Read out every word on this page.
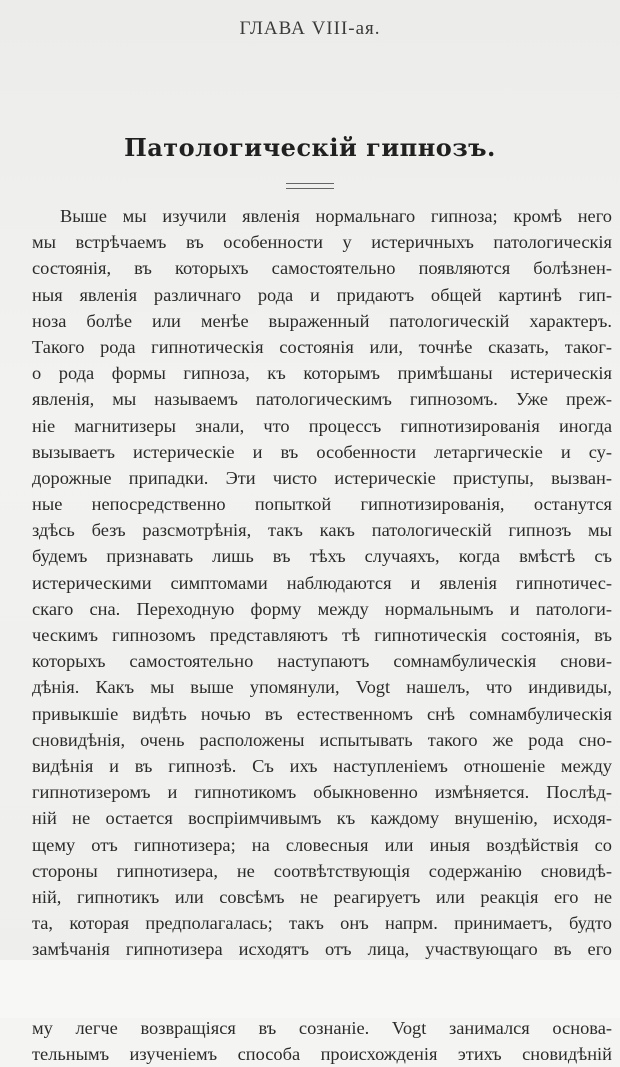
ГЛАВА VIII-ая.
Патологическій гипнозъ.
Выше мы изучили явленія нормальнаго гипноза; кромѣ него
мы встрѣчаемъ въ особенности у истеричныхъ патологическія
состоянія, въ которыхъ самостоятельно появляются болѣзнен-
ныя явленія различнаго рода и придаютъ общей картинѣ гип-
ноза болѣе или менѣе выраженный патологическій характеръ.
Такого рода гипнотическія состоянія или, точнѣе сказать, таког-
о рода формы гипноза, къ которымъ примѣшаны истерическія
явленія, мы называемъ патологическимъ гипнозомъ. Уже преж-
ніе магнитизеры знали, что процессъ гипнотизированія иногда
вызываетъ истерическіе и въ особенности летаргическіе и су-
дорожные припадки. Эти чисто истерическіе приступы, вызван-
ные непосредственно попыткой гипнотизированія, останутся
здѣсь безъ разсмотрѣнія, такъ какъ патологическій гипнозъ мы
будемъ признавать лишь въ тѣхъ случаяхъ, когда вмѣстѣ съ
истерическими симптомами наблюдаются и явленія гипнотичес-
скаго сна. Переходную форму между нормальнымъ и патологи-
ческимъ гипнозомъ представляютъ тѣ гипнотическія состоянія, въ
которыхъ самостоятельно наступаютъ сомнамбулическія снови-
дѣнія. Какъ мы выше упомянули, Vogt нашелъ, что индивиды,
привыкшіе видѣть ночью въ естественномъ снѣ сомнамбулическія
сновидѣнія, очень расположены испытывать такого же рода сно-
видѣнія и въ гипнозѣ. Съ ихъ наступленіемъ отношеніе между
гипнотизеромъ и гипнотикомъ обыкновенно измѣняется. Послѣд-
ній не остается воспріимчивымъ къ каждому внушенію, исходя-
щему отъ гипнотизера; на словесныя или иныя воздѣйствія со
стороны гипнотизера, не соотвѣтствующія содержанію сновидѣ-
ній, гипнотикъ или совсѣмъ не реагируетъ или реакція его не
та, которая предполагалась; такъ онъ напрм. принимаетъ, будто
замѣчанія гипнотизера исходятъ отъ лица, участвующаго въ его
му легче возвращіяся въ сознаніе. Vogt занимался основа-
тельнымъ изученіемъ способа происхожденія этихъ сновидѣній
